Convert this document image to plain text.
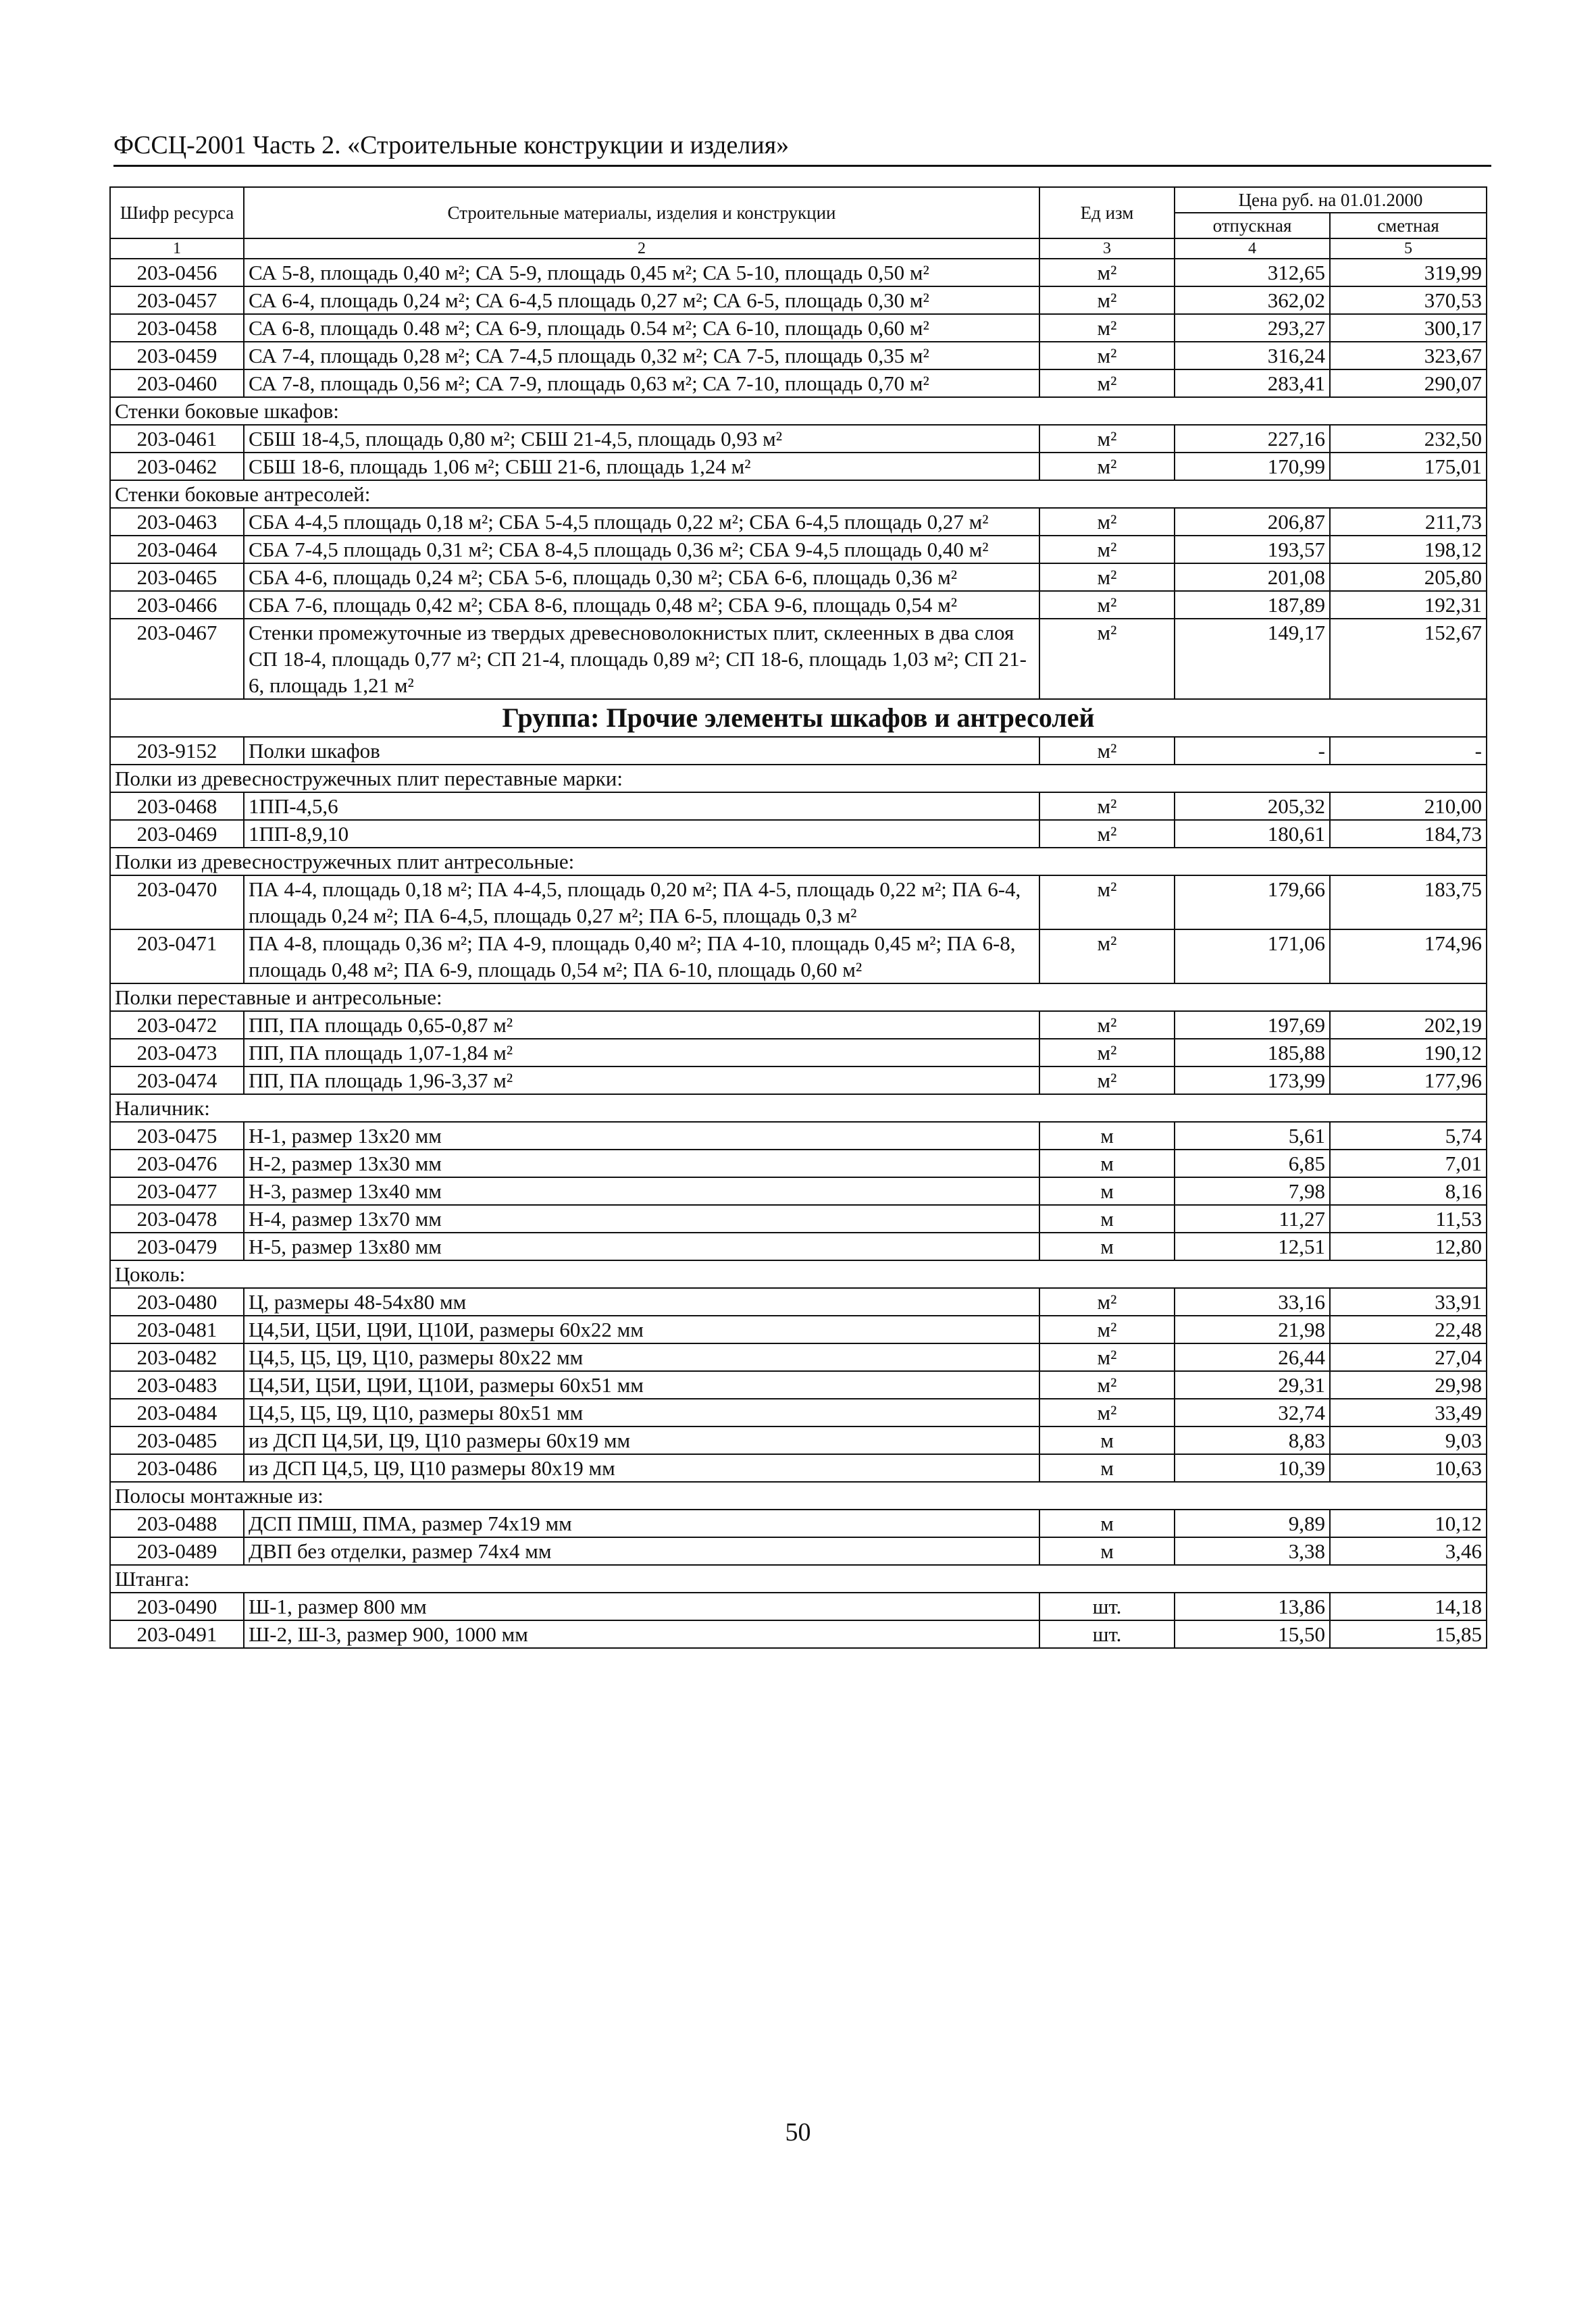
ФССЦ-2001 Часть 2. «Строительные конструкции и изделия»
Шифр ресурса	Строительные материалы, изделия и конструкции	Ед изм	Цена руб. на 01.01.2000	
			отпускная	сметная
1	2	3	4	5
203-0456	СА 5-8, площадь 0,40 м²; СА 5-9, площадь 0,45 м²; СА 5-10, площадь 0,50 м²	м²	312,65	319,99
203-0457	СА 6-4, площадь 0,24 м²; СА 6-4,5 площадь 0,27 м²; СА 6-5, площадь 0,30 м²	м²	362,02	370,53
203-0458	СА 6-8, площадь 0.48 м²; СА 6-9, площадь 0.54 м²; СА 6-10, площадь 0,60 м²	м²	293,27	300,17
203-0459	СА 7-4, площадь 0,28 м²; СА 7-4,5 площадь 0,32 м²; СА 7-5, площадь 0,35 м²	м²	316,24	323,67
203-0460	СА 7-8, площадь 0,56 м²; СА 7-9, площадь 0,63 м²; СА 7-10, площадь 0,70 м²	м²	283,41	290,07
Стенки боковые шкафов:				
203-0461	СБШ 18-4,5, площадь 0,80 м²; СБШ 21-4,5, площадь 0,93 м²	м²	227,16	232,50
203-0462	СБШ 18-6, площадь 1,06 м²; СБШ 21-6, площадь 1,24 м²	м²	170,99	175,01
Стенки боковые антресолей:				
203-0463	СБА 4-4,5 площадь 0,18 м²; СБА 5-4,5 площадь 0,22 м²; СБА 6-4,5 площадь 0,27 м²	м²	206,87	211,73
203-0464	СБА 7-4,5 площадь 0,31 м²; СБА 8-4,5 площадь 0,36 м²; СБА 9-4,5 площадь 0,40 м²	м²	193,57	198,12
203-0465	СБА 4-6, площадь 0,24 м²; СБА 5-6, площадь 0,30 м²; СБА 6-6, площадь 0,36 м²	м²	201,08	205,80
203-0466	СБА 7-6, площадь 0,42 м²; СБА 8-6, площадь 0,48 м²; СБА 9-6, площадь 0,54 м²	м²	187,89	192,31
203-0467	Стенки промежуточные из твердых древесноволокнистых плит, склеенных в два слоя СП 18-4, площадь 0,77 м²; СП 21-4, площадь 0,89 м²; СП 18-6, площадь 1,03 м²; СП 21-6, площадь 1,21 м²	м²	149,17	152,67
Группа: Прочие элементы шкафов и антресолей				
203-9152	Полки шкафов	м²	-	-
Полки из древесностружечных плит переставные марки:				
203-0468	1ПП-4,5,6	м²	205,32	210,00
203-0469	1ПП-8,9,10	м²	180,61	184,73
Полки из древесностружечных плит антресольные:				
203-0470	ПА 4-4, площадь 0,18 м²; ПА 4-4,5, площадь 0,20 м²; ПА 4-5, площадь 0,22 м²; ПА 6-4, площадь 0,24 м²; ПА 6-4,5, площадь 0,27 м²; ПА 6-5, площадь 0,3 м²	м²	179,66	183,75
203-0471	ПА 4-8, площадь 0,36 м²; ПА 4-9, площадь 0,40 м²; ПА 4-10, площадь 0,45 м²; ПА 6-8, площадь 0,48 м²; ПА 6-9, площадь 0,54 м²; ПА 6-10, площадь 0,60 м²	м²	171,06	174,96
Полки переставные и антресольные:				
203-0472	ПП, ПА площадь 0,65-0,87 м²	м²	197,69	202,19
203-0473	ПП, ПА площадь 1,07-1,84 м²	м²	185,88	190,12
203-0474	ПП, ПА площадь 1,96-3,37 м²	м²	173,99	177,96
Наличник:				
203-0475	Н-1, размер 13х20 мм	м	5,61	5,74
203-0476	Н-2, размер 13х30 мм	м	6,85	7,01
203-0477	Н-3, размер 13х40 мм	м	7,98	8,16
203-0478	Н-4, размер 13х70 мм	м	11,27	11,53
203-0479	Н-5, размер 13х80 мм	м	12,51	12,80
Цоколь:				
203-0480	Ц, размеры 48-54х80 мм	м²	33,16	33,91
203-0481	Ц4,5И, Ц5И, Ц9И, Ц10И, размеры 60х22 мм	м²	21,98	22,48
203-0482	Ц4,5, Ц5, Ц9, Ц10, размеры 80х22 мм	м²	26,44	27,04
203-0483	Ц4,5И, Ц5И, Ц9И, Ц10И, размеры 60х51 мм	м²	29,31	29,98
203-0484	Ц4,5, Ц5, Ц9, Ц10, размеры 80х51 мм	м²	32,74	33,49
203-0485	из ДСП Ц4,5И, Ц9, Ц10 размеры 60х19 мм	м	8,83	9,03
203-0486	из ДСП Ц4,5, Ц9, Ц10 размеры 80х19 мм	м	10,39	10,63
Полосы монтажные из:				
203-0488	ДСП ПМШ, ПМА, размер 74х19 мм	м	9,89	10,12
203-0489	ДВП без отделки, размер 74х4 мм	м	3,38	3,46
Штанга:				
203-0490	Ш-1, размер 800 мм	шт.	13,86	14,18
203-0491	Ш-2, Ш-3, размер 900, 1000 мм	шт.	15,50	15,85
50
